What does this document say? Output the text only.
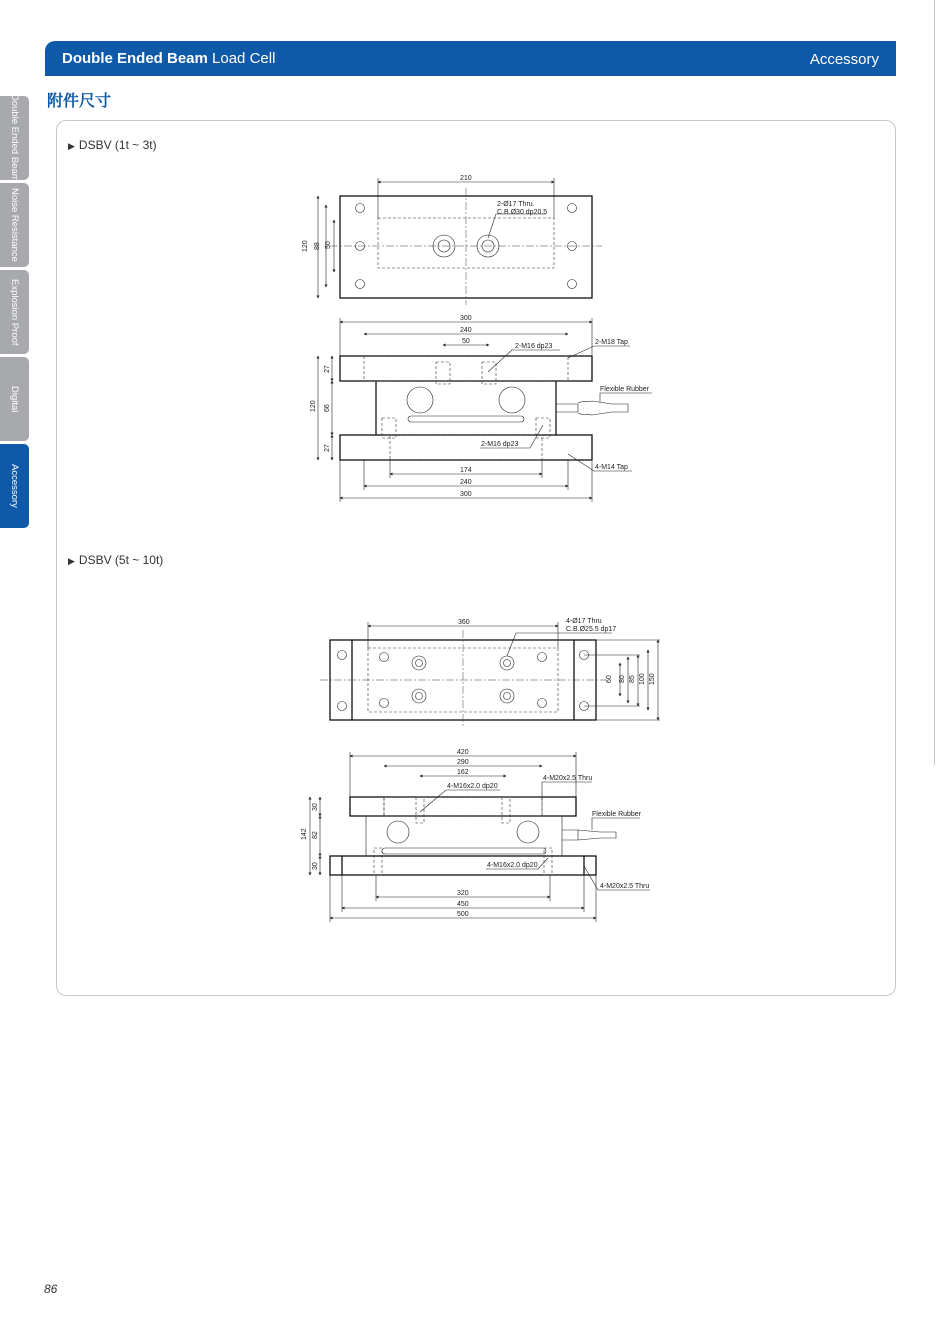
Double Ended Beam Load Cell	Accessory
Double Ended Beam
Noise Resistance
Explosion Proof
Digital
Accessory
附件尺寸
▶ DSBV (1t ~ 3t)
▶ DSBV (5t ~ 10t)
210
120 88 50
2-Ø17 Thru.
C.B.Ø30 dp20.5
300
240
50
120
27
66
27
174
240
300
2-M16 dp23
2-M18 Tap
Flexible Rubber
2-M16 dp23
4-M14 Tap
360
60 80 85 100 150
4-Ø17 Thru
C.B.Ø25.5 dp17
420
290
162
142
30
82
30
320
450
500
4-M16x2.0 dp20
4-M20x2.5 Thru
Flexible Rubber
4-M16x2.0 dp20
4-M20x2.5 Thru
86
